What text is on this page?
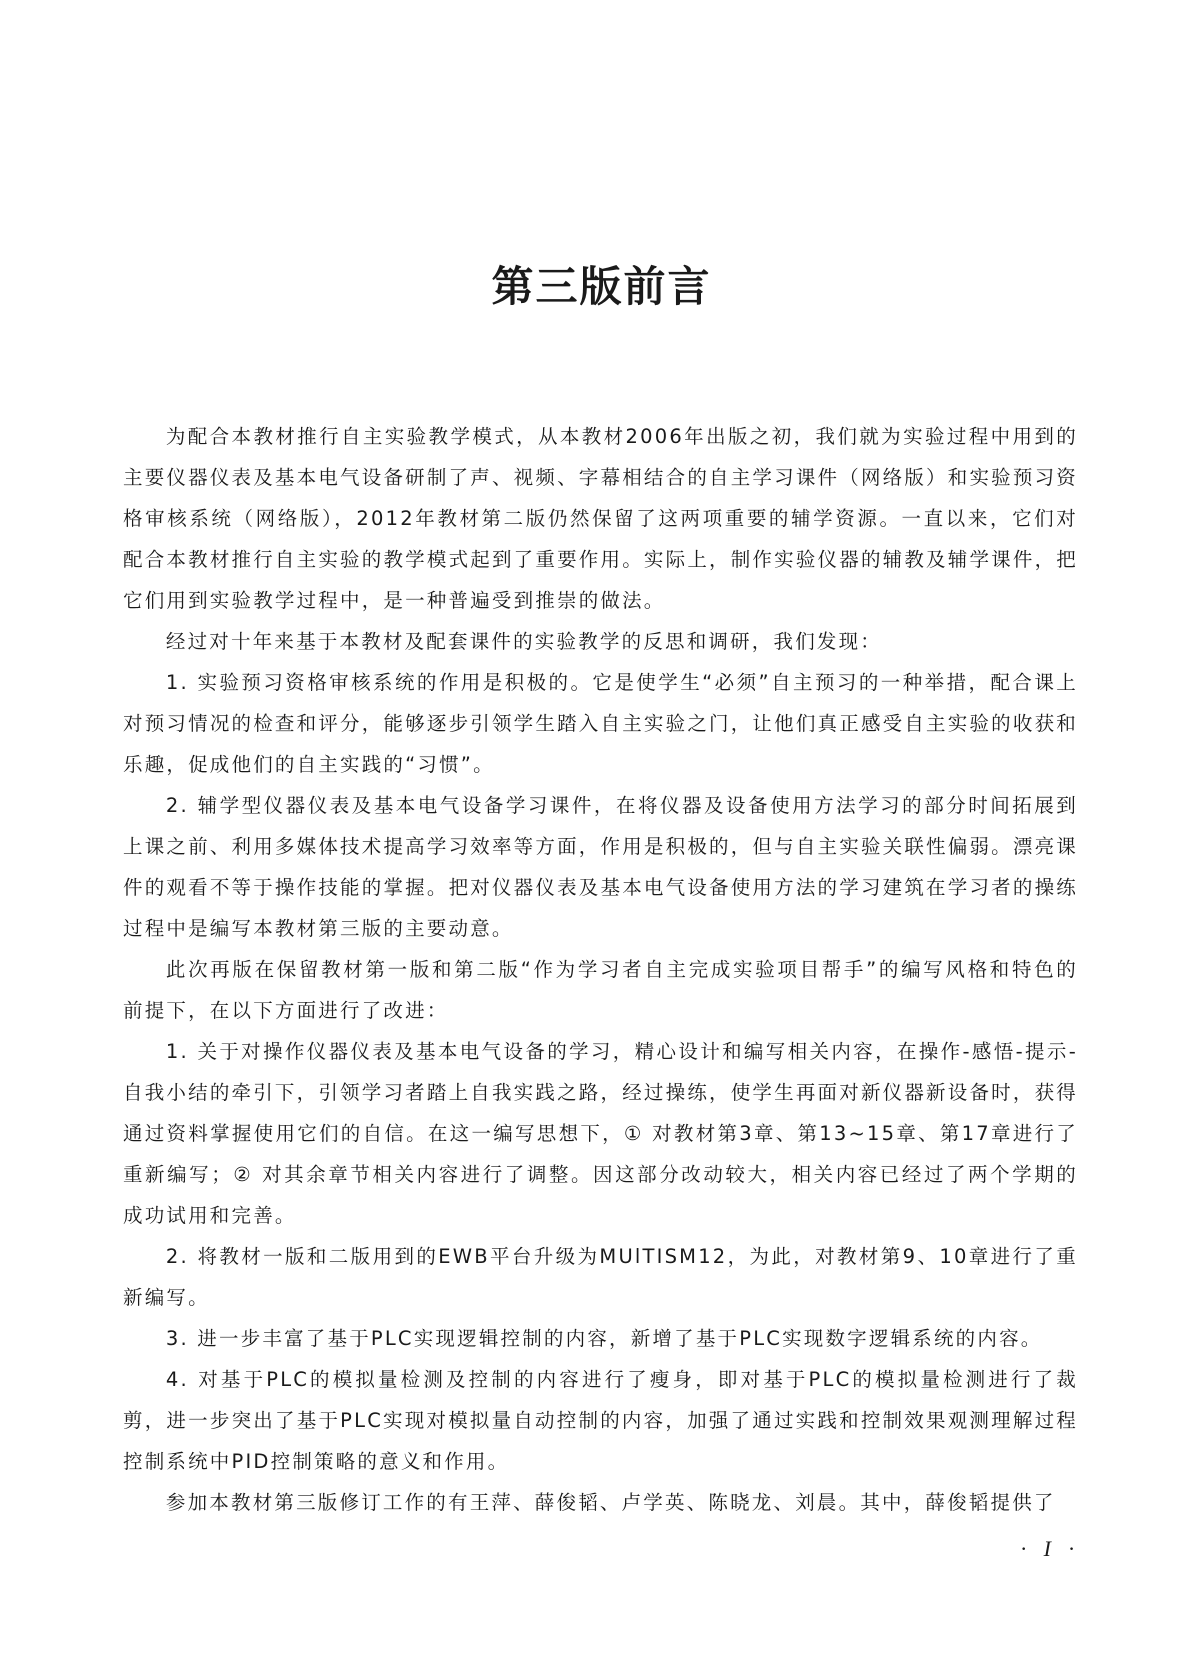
第三版前言

为配合本教材推行自主实验教学模式，从本教材2006年出版之初，我们就为实验过程中用到的主要仪器仪表及基本电气设备研制了声、视频、字幕相结合的自主学习课件（网络版）和实验预习资格审核系统（网络版），2012年教材第二版仍然保留了这两项重要的辅学资源。一直以来，它们对配合本教材推行自主实验的教学模式起到了重要作用。实际上，制作实验仪器的辅教及辅学课件，把它们用到实验教学过程中，是一种普遍受到推崇的做法。

经过对十年来基于本教材及配套课件的实验教学的反思和调研，我们发现：

1. 实验预习资格审核系统的作用是积极的。它是使学生“必须”自主预习的一种举措，配合课上对预习情况的检查和评分，能够逐步引领学生踏入自主实验之门，让他们真正感受自主实验的收获和乐趣，促成他们的自主实践的“习惯”。

2. 辅学型仪器仪表及基本电气设备学习课件，在将仪器及设备使用方法学习的部分时间拓展到上课之前、利用多媒体技术提高学习效率等方面，作用是积极的，但与自主实验关联性偏弱。漂亮课件的观看不等于操作技能的掌握。把对仪器仪表及基本电气设备使用方法的学习建筑在学习者的操练过程中是编写本教材第三版的主要动意。

此次再版在保留教材第一版和第二版“作为学习者自主完成实验项目帮手”的编写风格和特色的前提下，在以下方面进行了改进：

1. 关于对操作仪器仪表及基本电气设备的学习，精心设计和编写相关内容，在操作-感悟-提示-自我小结的牵引下，引领学习者踏上自我实践之路，经过操练，使学生再面对新仪器新设备时，获得通过资料掌握使用它们的自信。在这一编写思想下，① 对教材第3章、第13~15章、第17章进行了重新编写；② 对其余章节相关内容进行了调整。因这部分改动较大，相关内容已经过了两个学期的成功试用和完善。

2. 将教材一版和二版用到的EWB平台升级为MUlTISM12，为此，对教材第9、10章进行了重新编写。

3. 进一步丰富了基于PLC实现逻辑控制的内容，新增了基于PLC实现数字逻辑系统的内容。

4. 对基于PLC的模拟量检测及控制的内容进行了瘦身，即对基于PLC的模拟量检测进行了裁剪，进一步突出了基于PLC实现对模拟量自动控制的内容，加强了通过实践和控制效果观测理解过程控制系统中PID控制策略的意义和作用。

参加本教材第三版修订工作的有王萍、薛俊韬、卢学英、陈晓龙、刘晨。其中，薛俊韬提供了

· I ·
